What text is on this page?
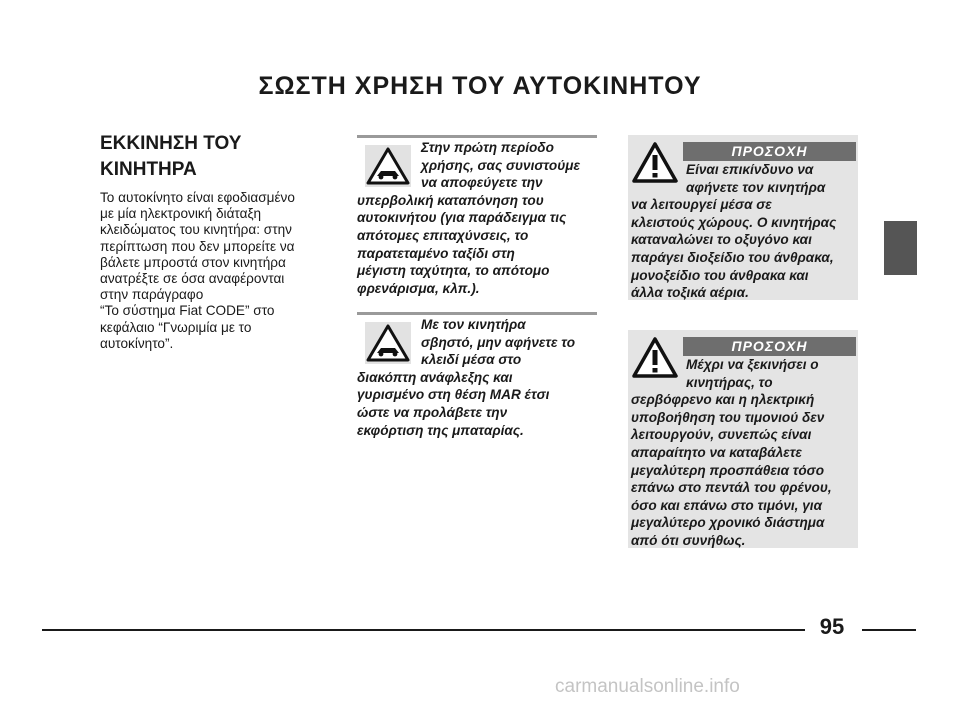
ΣΩΣΤΗ ΧΡΗΣΗ ΤΟΥ ΑΥΤΟΚΙΝΗΤΟΥ
ΕΚΚΙΝΗΣΗ ΤΟΥ
ΚΙΝΗΤΗΡΑ
Το αυτοκίνητο είναι εφοδιασμένο
με μία ηλεκτρονική διάταξη
κλειδώματος του κινητήρα: στην
περίπτωση που δεν μπορείτε να
βάλετε μπροστά στον κινητήρα
ανατρέξτε σε όσα αναφέρονται
στην παράγραφο
“Το σύστημα Fiat CODE” στο
κεφάλαιο “Γνωριμία με το
αυτοκίνητο”.
Στην πρώτη περίοδο
χρήσης, σας συνιστούμε
να αποφεύγετε την
υπερβολική καταπόνηση του
αυτοκινήτου (για παράδειγμα τις
απότομες επιταχύνσεις, το
παρατεταμένο ταξίδι στη
μέγιστη ταχύτητα, το απότομο
φρενάρισμα, κλπ.).
Με τον κινητήρα
σβηστό, μην αφήνετε το
κλειδί μέσα στο
διακόπτη ανάφλεξης και
γυρισμένο στη θέση MAR έτσι
ώστε να προλάβετε την
εκφόρτιση της μπαταρίας.
ΠΡΟΣΟΧΗ
Είναι επικίνδυνο να
αφήνετε τον κινητήρα
να λειτουργεί μέσα σε
κλειστούς χώρους. Ο κινητήρας
καταναλώνει το οξυγόνο και
παράγει διοξείδιο του άνθρακα,
μονοξείδιο του άνθρακα και
άλλα τοξικά αέρια.
ΠΡΟΣΟΧΗ
Μέχρι να ξεκινήσει ο
κινητήρας, το
σερβόφρενο και η ηλεκτρική
υποβοήθηση του τιμονιού δεν
λειτουργούν, συνεπώς είναι
απαραίτητο να καταβάλετε
μεγαλύτερη προσπάθεια τόσο
επάνω στο πεντάλ του φρένου,
όσο και επάνω στο τιμόνι, για
μεγαλύτερο χρονικό διάστημα
από ότι συνήθως.
95
carmanualsonline.info
